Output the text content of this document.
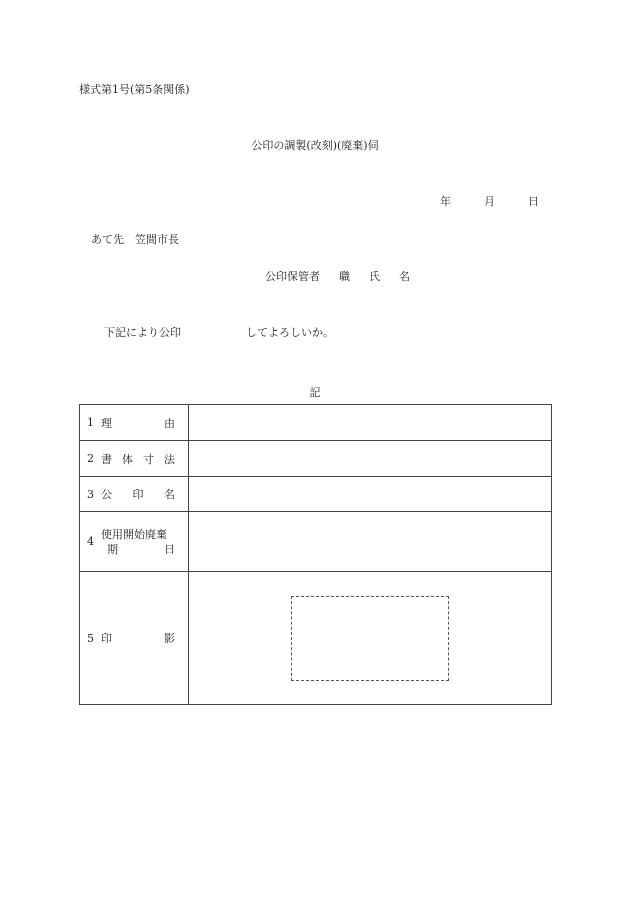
様式第1号(第5条関係)
公印の調製(改刻)(廃棄)伺
年	月	日
あて先　笠間市長
公印保管者 職 氏 名
下記により公印	してよろしいか。
記
1 理 由	

2 書 体 寸 法	

3 公 印 名	

4
使用開始廃棄
期 日	

5 印 影	
